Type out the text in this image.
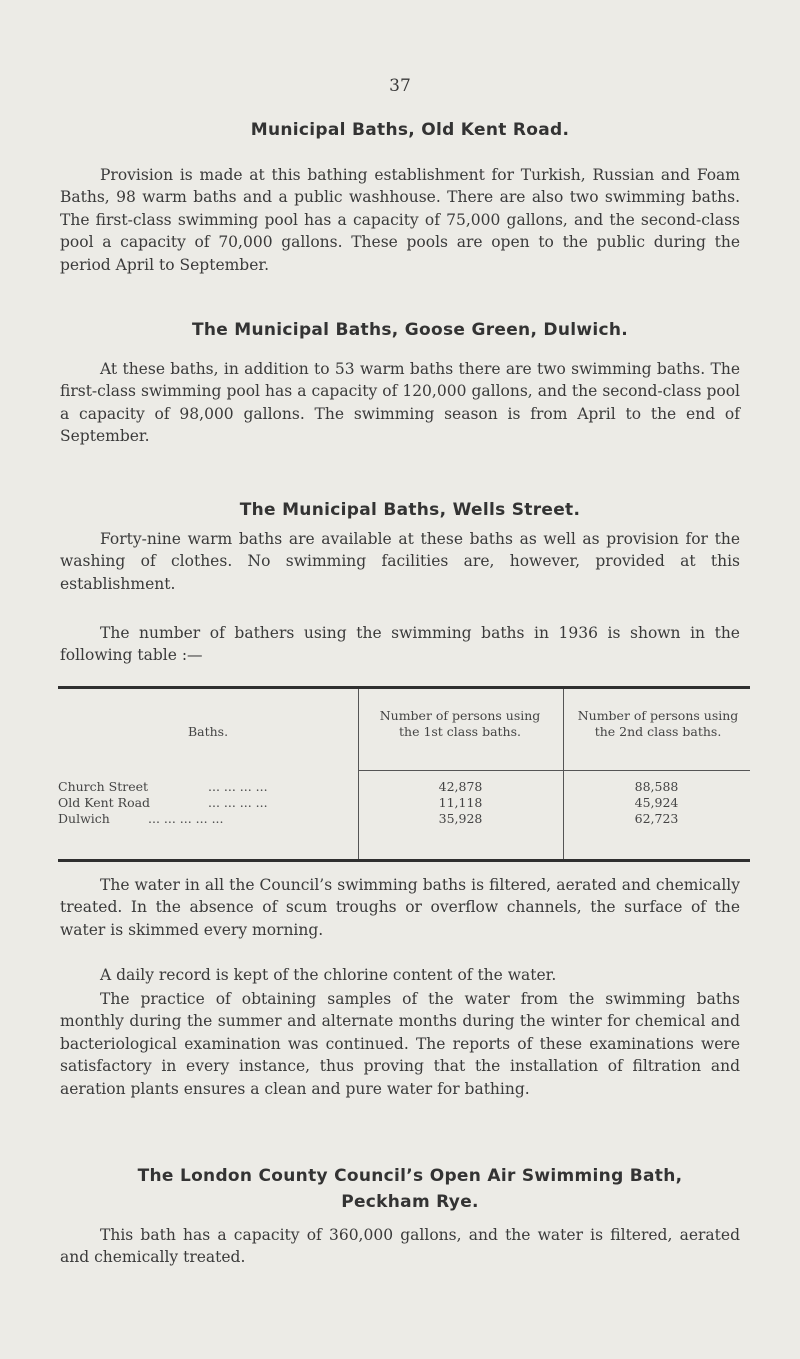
37
Municipal Baths, Old Kent Road.

Provision is made at this bathing establishment for Turkish, Russian and Foam Baths, 98 warm baths and a public washhouse. There are also two swimming baths. The first-class swimming pool has a capacity of 75,000 gallons, and the second-class pool a capacity of 70,000 gallons. These pools are open to the public during the period April to September.

The Municipal Baths, Goose Green, Dulwich.

At these baths, in addition to 53 warm baths there are two swimming baths. The first-class swimming pool has a capacity of 120,000 gallons, and the second-class pool a capacity of 98,000 gallons. The swimming season is from April to the end of September.

The Municipal Baths, Wells Street.

Forty-nine warm baths are available at these baths as well as provision for the washing of clothes. No swimming facilities are, however, provided at this establishment.

The number of bathers using the swimming baths in 1936 is shown in the following table :—

Baths.
Number of persons using the 1st class baths.
Number of persons using the 2nd class baths.
Church Street	... ... ... ...	42,878	88,588
Old Kent Road	... ... ... ...	11,118	45,924
Dulwich	... ... ... ... ...	35,928	62,723

The water in all the Council’s swimming baths is filtered, aerated and chemically treated. In the absence of scum troughs or overflow channels, the surface of the water is skimmed every morning.

A daily record is kept of the chlorine content of the water.

The practice of obtaining samples of the water from the swimming baths monthly during the summer and alternate months during the winter for chemical and bacteriological examination was continued. The reports of these examinations were satisfactory in every instance, thus proving that the installation of filtration and aeration plants ensures a clean and pure water for bathing.

The London County Council’s Open Air Swimming Bath,
Peckham Rye.

This bath has a capacity of 360,000 gallons, and the water is filtered, aerated and chemically treated.
